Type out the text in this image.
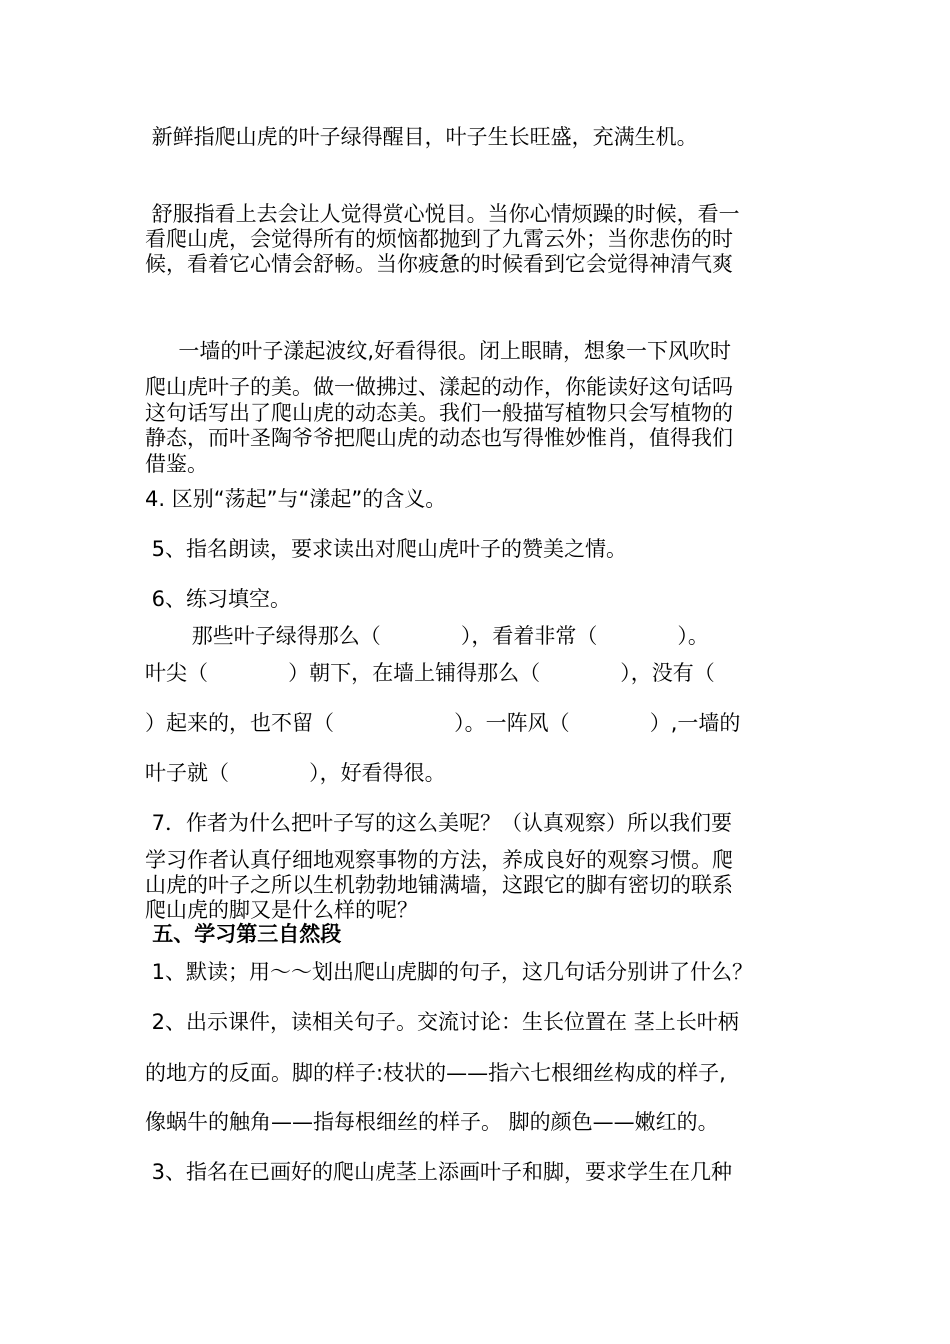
新鲜指爬山虎的叶子绿得醒目，叶子生长旺盛，充满生机。
舒服指看上去会让人觉得赏心悦目。当你心情烦躁的时候，看一
看爬山虎，会觉得所有的烦恼都抛到了九霄云外；当你悲伤的时
候，看着它心情会舒畅。当你疲惫的时候看到它会觉得神清气爽
一墙的叶子漾起波纹,好看得很。闭上眼睛，想象一下风吹时
爬山虎叶子的美。做一做拂过、漾起的动作，你能读好这句话吗
这句话写出了爬山虎的动态美。我们一般描写植物只会写植物的
静态，而叶圣陶爷爷把爬山虎的动态也写得惟妙惟肖，值得我们
借鉴。
4. 区别“荡起”与“漾起”的含义。
5、指名朗读，要求读出对爬山虎叶子的赞美之情。
6、练习填空。
那些叶子绿得那么（            ），看着非常（            ）。
叶尖（            ）朝下，在墙上铺得那么（            ），没有（
）起来的，也不留（                  ）。一阵风（            ）,一墙的
叶子就（            ），好看得很。
7．作者为什么把叶子写的这么美呢？（认真观察）所以我们要
学习作者认真仔细地观察事物的方法，养成良好的观察习惯。爬
山虎的叶子之所以生机勃勃地铺满墙，这跟它的脚有密切的联系
爬山虎的脚又是什么样的呢？
五、学习第三自然段
1、默读；用～～划出爬山虎脚的句子，这几句话分别讲了什么？
2、出示课件，读相关句子。交流讨论：生长位置在 茎上长叶柄
的地方的反面。脚的样子:枝状的——指六七根细丝构成的样子,
像蜗牛的触角——指每根细丝的样子。 脚的颜色——嫩红的。
3、指名在已画好的爬山虎茎上添画叶子和脚，要求学生在几种
